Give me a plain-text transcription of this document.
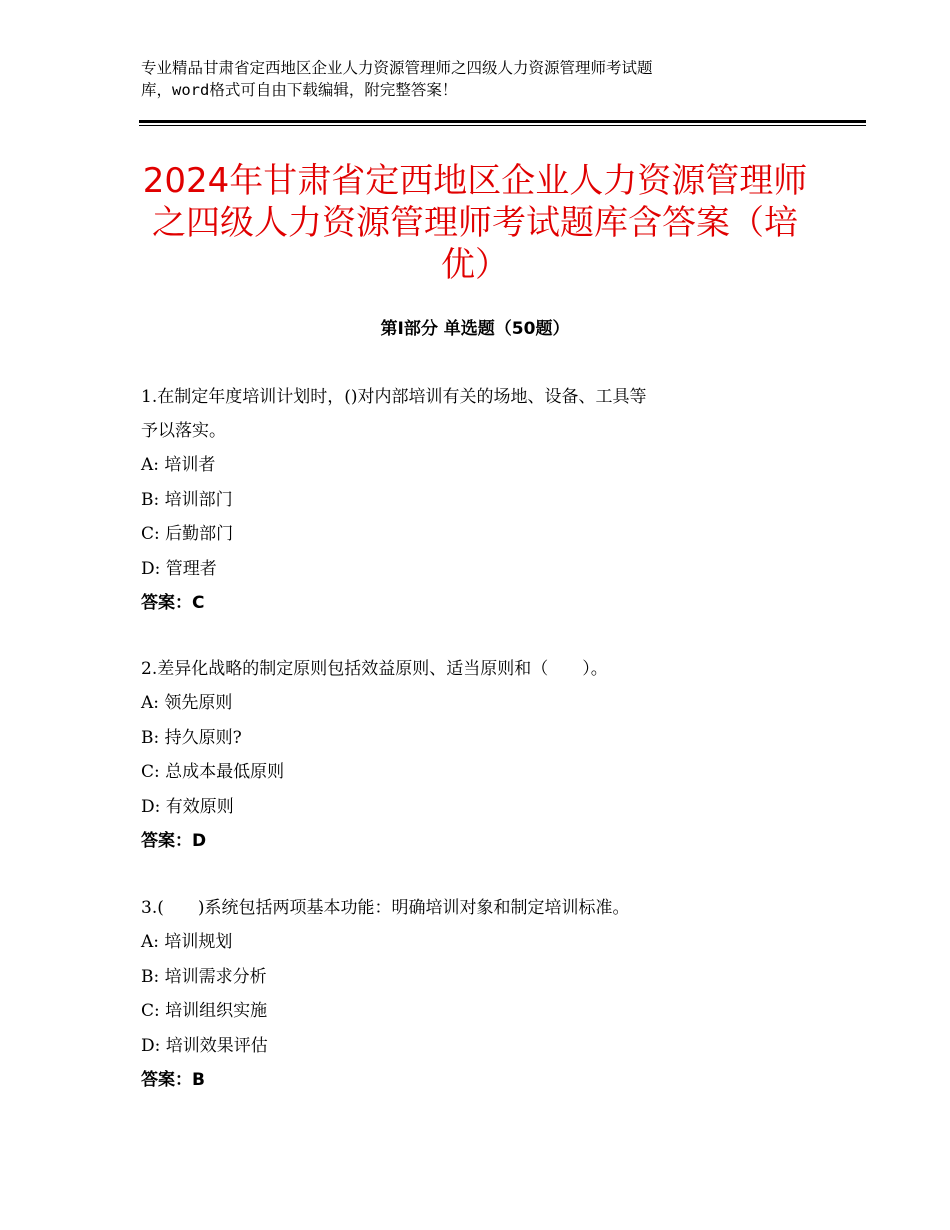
专业精品甘肃省定西地区企业人力资源管理师之四级人力资源管理师考试题
库，word格式可自由下载编辑，附完整答案！
2024年甘肃省定西地区企业人力资源管理师
之四级人力资源管理师考试题库含答案（培
优）
第Ⅰ部分 单选题（50题）
1.在制定年度培训计划时，()对内部培训有关的场地、设备、工具等
予以落实。
A: 培训者
B: 培训部门
C: 后勤部门
D: 管理者
答案：C
2.差异化战略的制定原则包括效益原则、适当原则和（　　）。
A: 领先原则
B: 持久原则?
C: 总成本最低原则
D: 有效原则
答案：D
3.(　　)系统包括两项基本功能：明确培训对象和制定培训标准。
A: 培训规划
B: 培训需求分析
C: 培训组织实施
D: 培训效果评估
答案：B
